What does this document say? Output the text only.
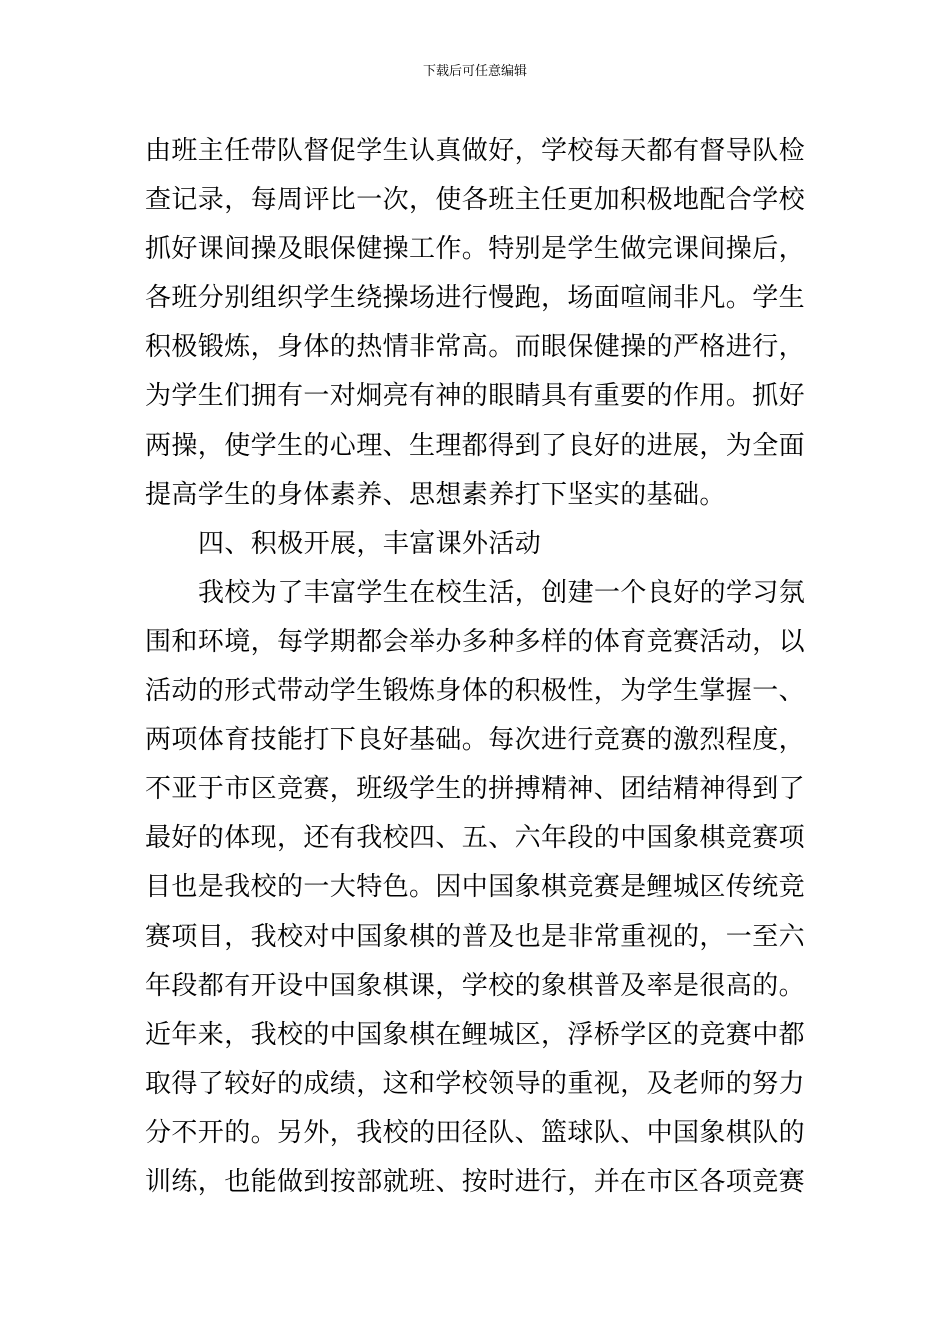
下载后可任意编辑
由班主任带队督促学生认真做好，学校每天都有督导队检
查记录，每周评比一次，使各班主任更加积极地配合学校
抓好课间操及眼保健操工作。特别是学生做完课间操后，
各班分别组织学生绕操场进行慢跑，场面喧闹非凡。学生
积极锻炼，身体的热情非常高。而眼保健操的严格进行，
为学生们拥有一对炯亮有神的眼睛具有重要的作用。抓好
两操，使学生的心理、生理都得到了良好的进展，为全面
提高学生的身体素养、思想素养打下坚实的基础。
四、积极开展，丰富课外活动
我校为了丰富学生在校生活，创建一个良好的学习氛
围和环境，每学期都会举办多种多样的体育竞赛活动，以
活动的形式带动学生锻炼身体的积极性，为学生掌握一、
两项体育技能打下良好基础。每次进行竞赛的激烈程度，
不亚于市区竞赛，班级学生的拼搏精神、团结精神得到了
最好的体现，还有我校四、五、六年段的中国象棋竞赛项
目也是我校的一大特色。因中国象棋竞赛是鲤城区传统竞
赛项目，我校对中国象棋的普及也是非常重视的，一至六
年段都有开设中国象棋课，学校的象棋普及率是很高的。
近年来，我校的中国象棋在鲤城区，浮桥学区的竞赛中都
取得了较好的成绩，这和学校领导的重视，及老师的努力
分不开的。另外，我校的田径队、篮球队、中国象棋队的
训练，也能做到按部就班、按时进行，并在市区各项竞赛
